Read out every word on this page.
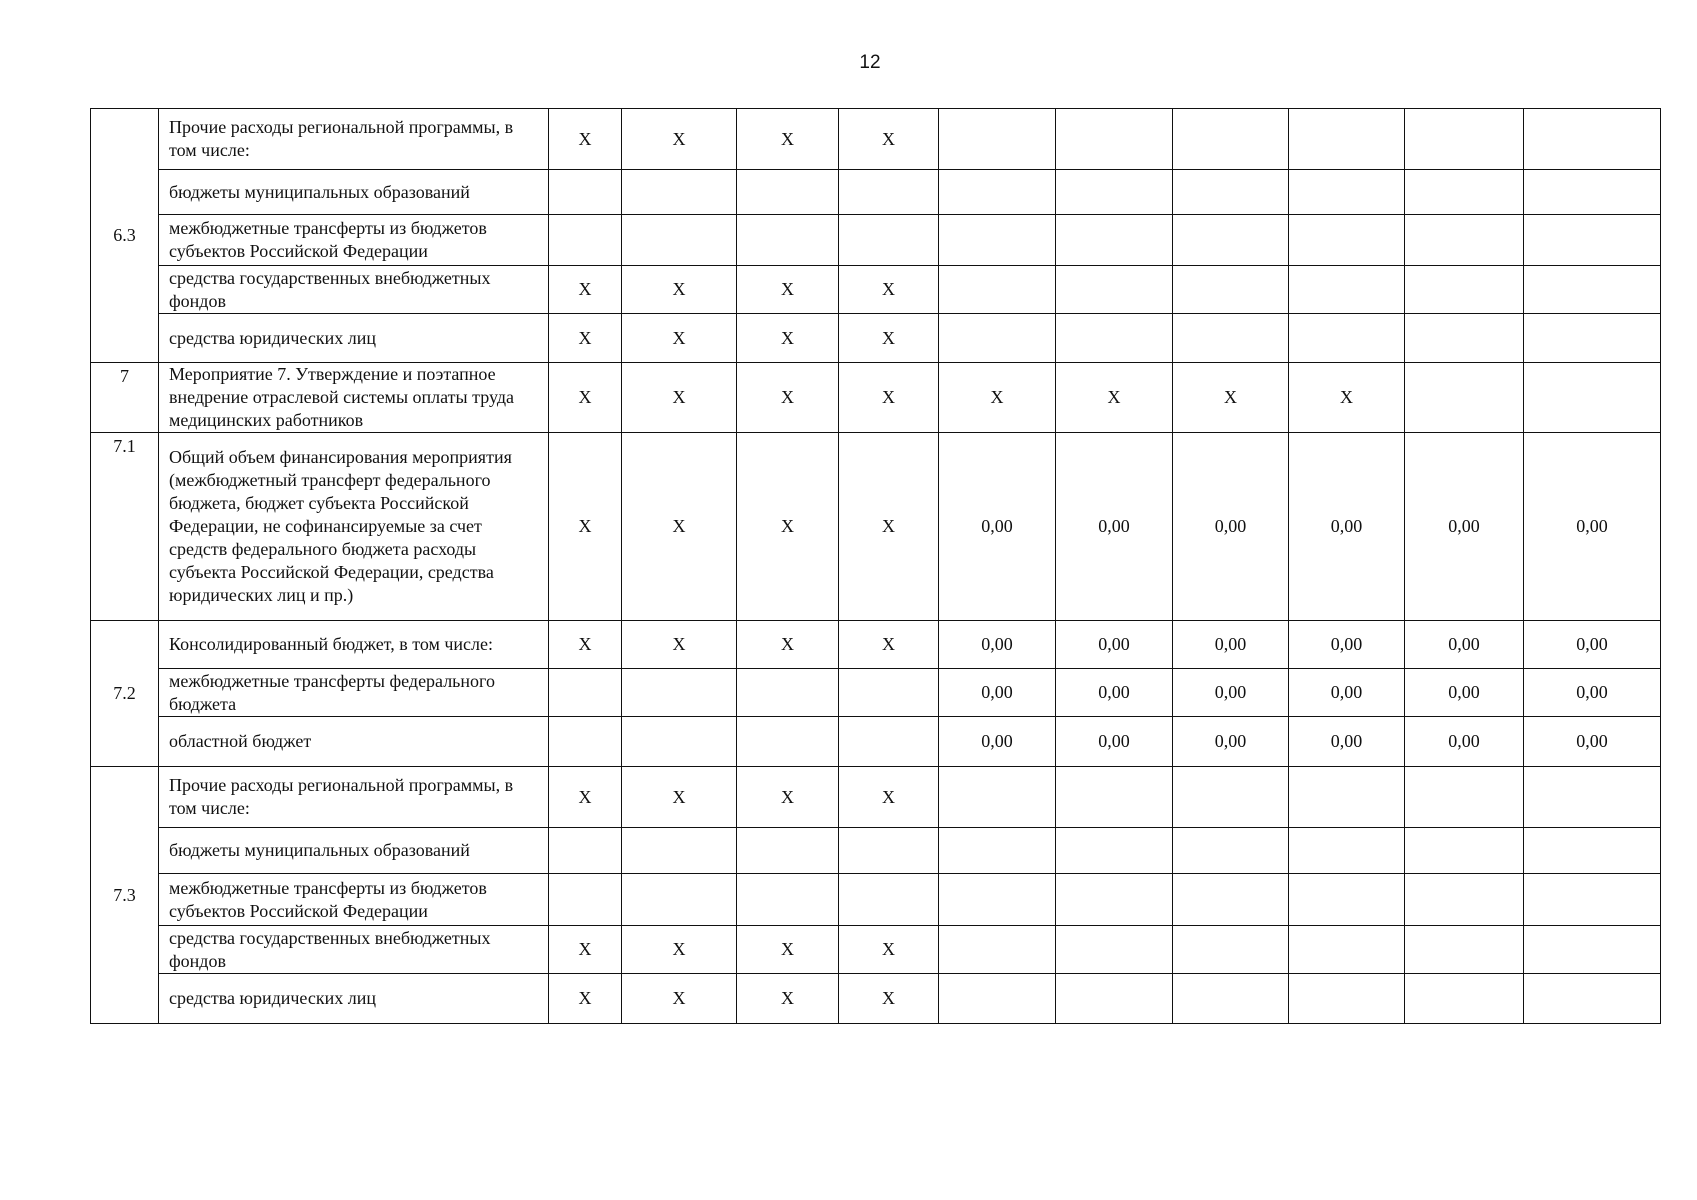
12
6.3	Прочие расходы региональной программы, в том числе:	X	X	X	X						
	бюджеты муниципальных образований										
	межбюджетные трансферты из бюджетов субъектов Российской Федерации										
	средства государственных внебюджетных фондов	X	X	X	X						
	средства юридических лиц	X	X	X	X						
7	Мероприятие 7. Утверждение и поэтапное внедрение отраслевой системы оплаты труда медицинских работников	X	X	X	X	X	X	X	X		
7.1	Общий объем финансирования мероприятия (межбюджетный трансферт федерального бюджета, бюджет субъекта Российской Федерации, не софинансируемые за счет средств федерального бюджета расходы субъекта Российской Федерации, средства юридических лиц и пр.)	X	X	X	X	0,00	0,00	0,00	0,00	0,00	0,00
7.2	Консолидированный бюджет, в том числе:	X	X	X	X	0,00	0,00	0,00	0,00	0,00	0,00
	межбюджетные трансферты федерального бюджета					0,00	0,00	0,00	0,00	0,00	0,00
	областной бюджет					0,00	0,00	0,00	0,00	0,00	0,00
7.3	Прочие расходы региональной программы, в том числе:	X	X	X	X						
	бюджеты муниципальных образований										
	межбюджетные трансферты из бюджетов субъектов Российской Федерации										
	средства государственных внебюджетных фондов	X	X	X	X						
	средства юридических лиц	X	X	X	X						
